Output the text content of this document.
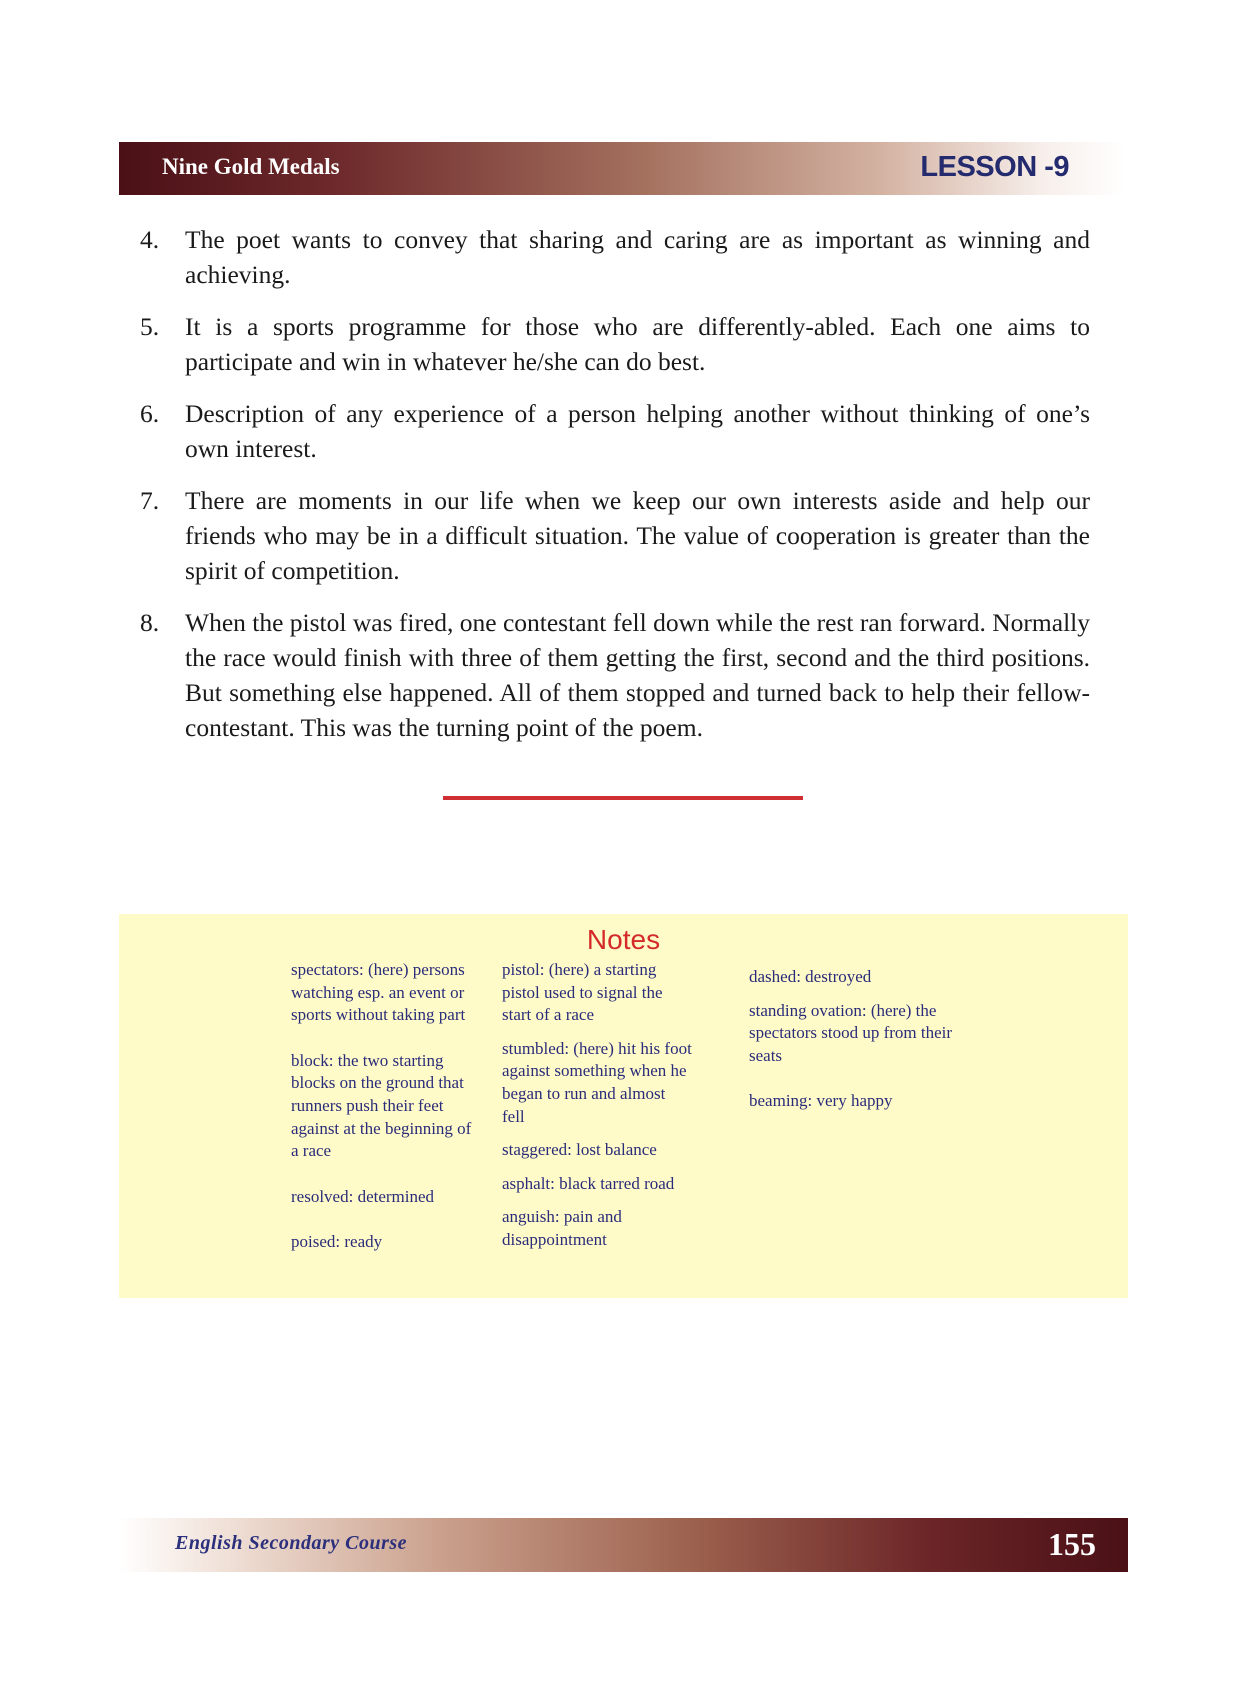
Nine Gold Medals	LESSON -9
4. The poet wants to convey that sharing and caring are as important as winning and achieving.
5. It is a sports programme for those who are differently-abled. Each one aims to participate and win in whatever he/she can do best.
6. Description of any experience of a person helping another without thinking of one’s own interest.
7. There are moments in our life when we keep our own interests aside and help our friends who may be in a difficult situation. The value of cooperation is greater than the spirit of competition.
8. When the pistol was fired, one contestant fell down while the rest ran forward. Normally the race would finish with three of them getting the first, second and the third positions. But something else happened. All of them stopped and turned back to help their fellow-contestant. This was the turning point of the poem.
Notes
spectators: (here) persons watching esp. an event or sports without taking part
block: the two starting blocks on the ground that runners push their feet against at the beginning of a race
resolved: determined
poised: ready
pistol: (here) a starting pistol used to signal the start of a race
stumbled: (here) hit his foot against something when he began to run and almost fell
staggered: lost balance
asphalt: black tarred road
anguish: pain and disappointment
dashed: destroyed
standing ovation: (here) the spectators stood up from their seats
beaming: very happy
English Secondary Course	155
